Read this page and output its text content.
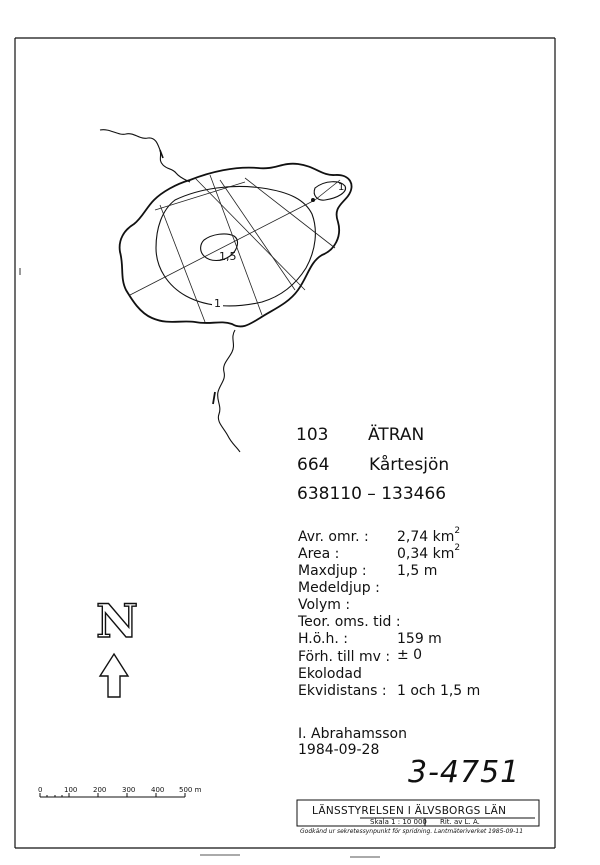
1,5
1
1
103 ÄTRAN
664 Kårtesjön
638110 – 133466
Avr. omr. : 2,74 $km^2$
Area :	0,34 $km^2$
Maxdjup : 1,5 m
Medeldjup :
Volym :
Teor. oms. tid :
H.ö.h. :	159 m
Förh. till mv : ± 0
Ekolodad
Ekvidistans : 1 och 1,5 m
I. Abrahamsson
1984-09-28
3-4751
N
0	100 200 300 400 500 m
LÄNSSTYRELSEN I ÄLVSBORGS LÄN
Skala 1 : 10 000 Rit. av L. A.
Godkänd ur sekretessynpunkt för spridning. Lantmäteriverket 1985-09-11
